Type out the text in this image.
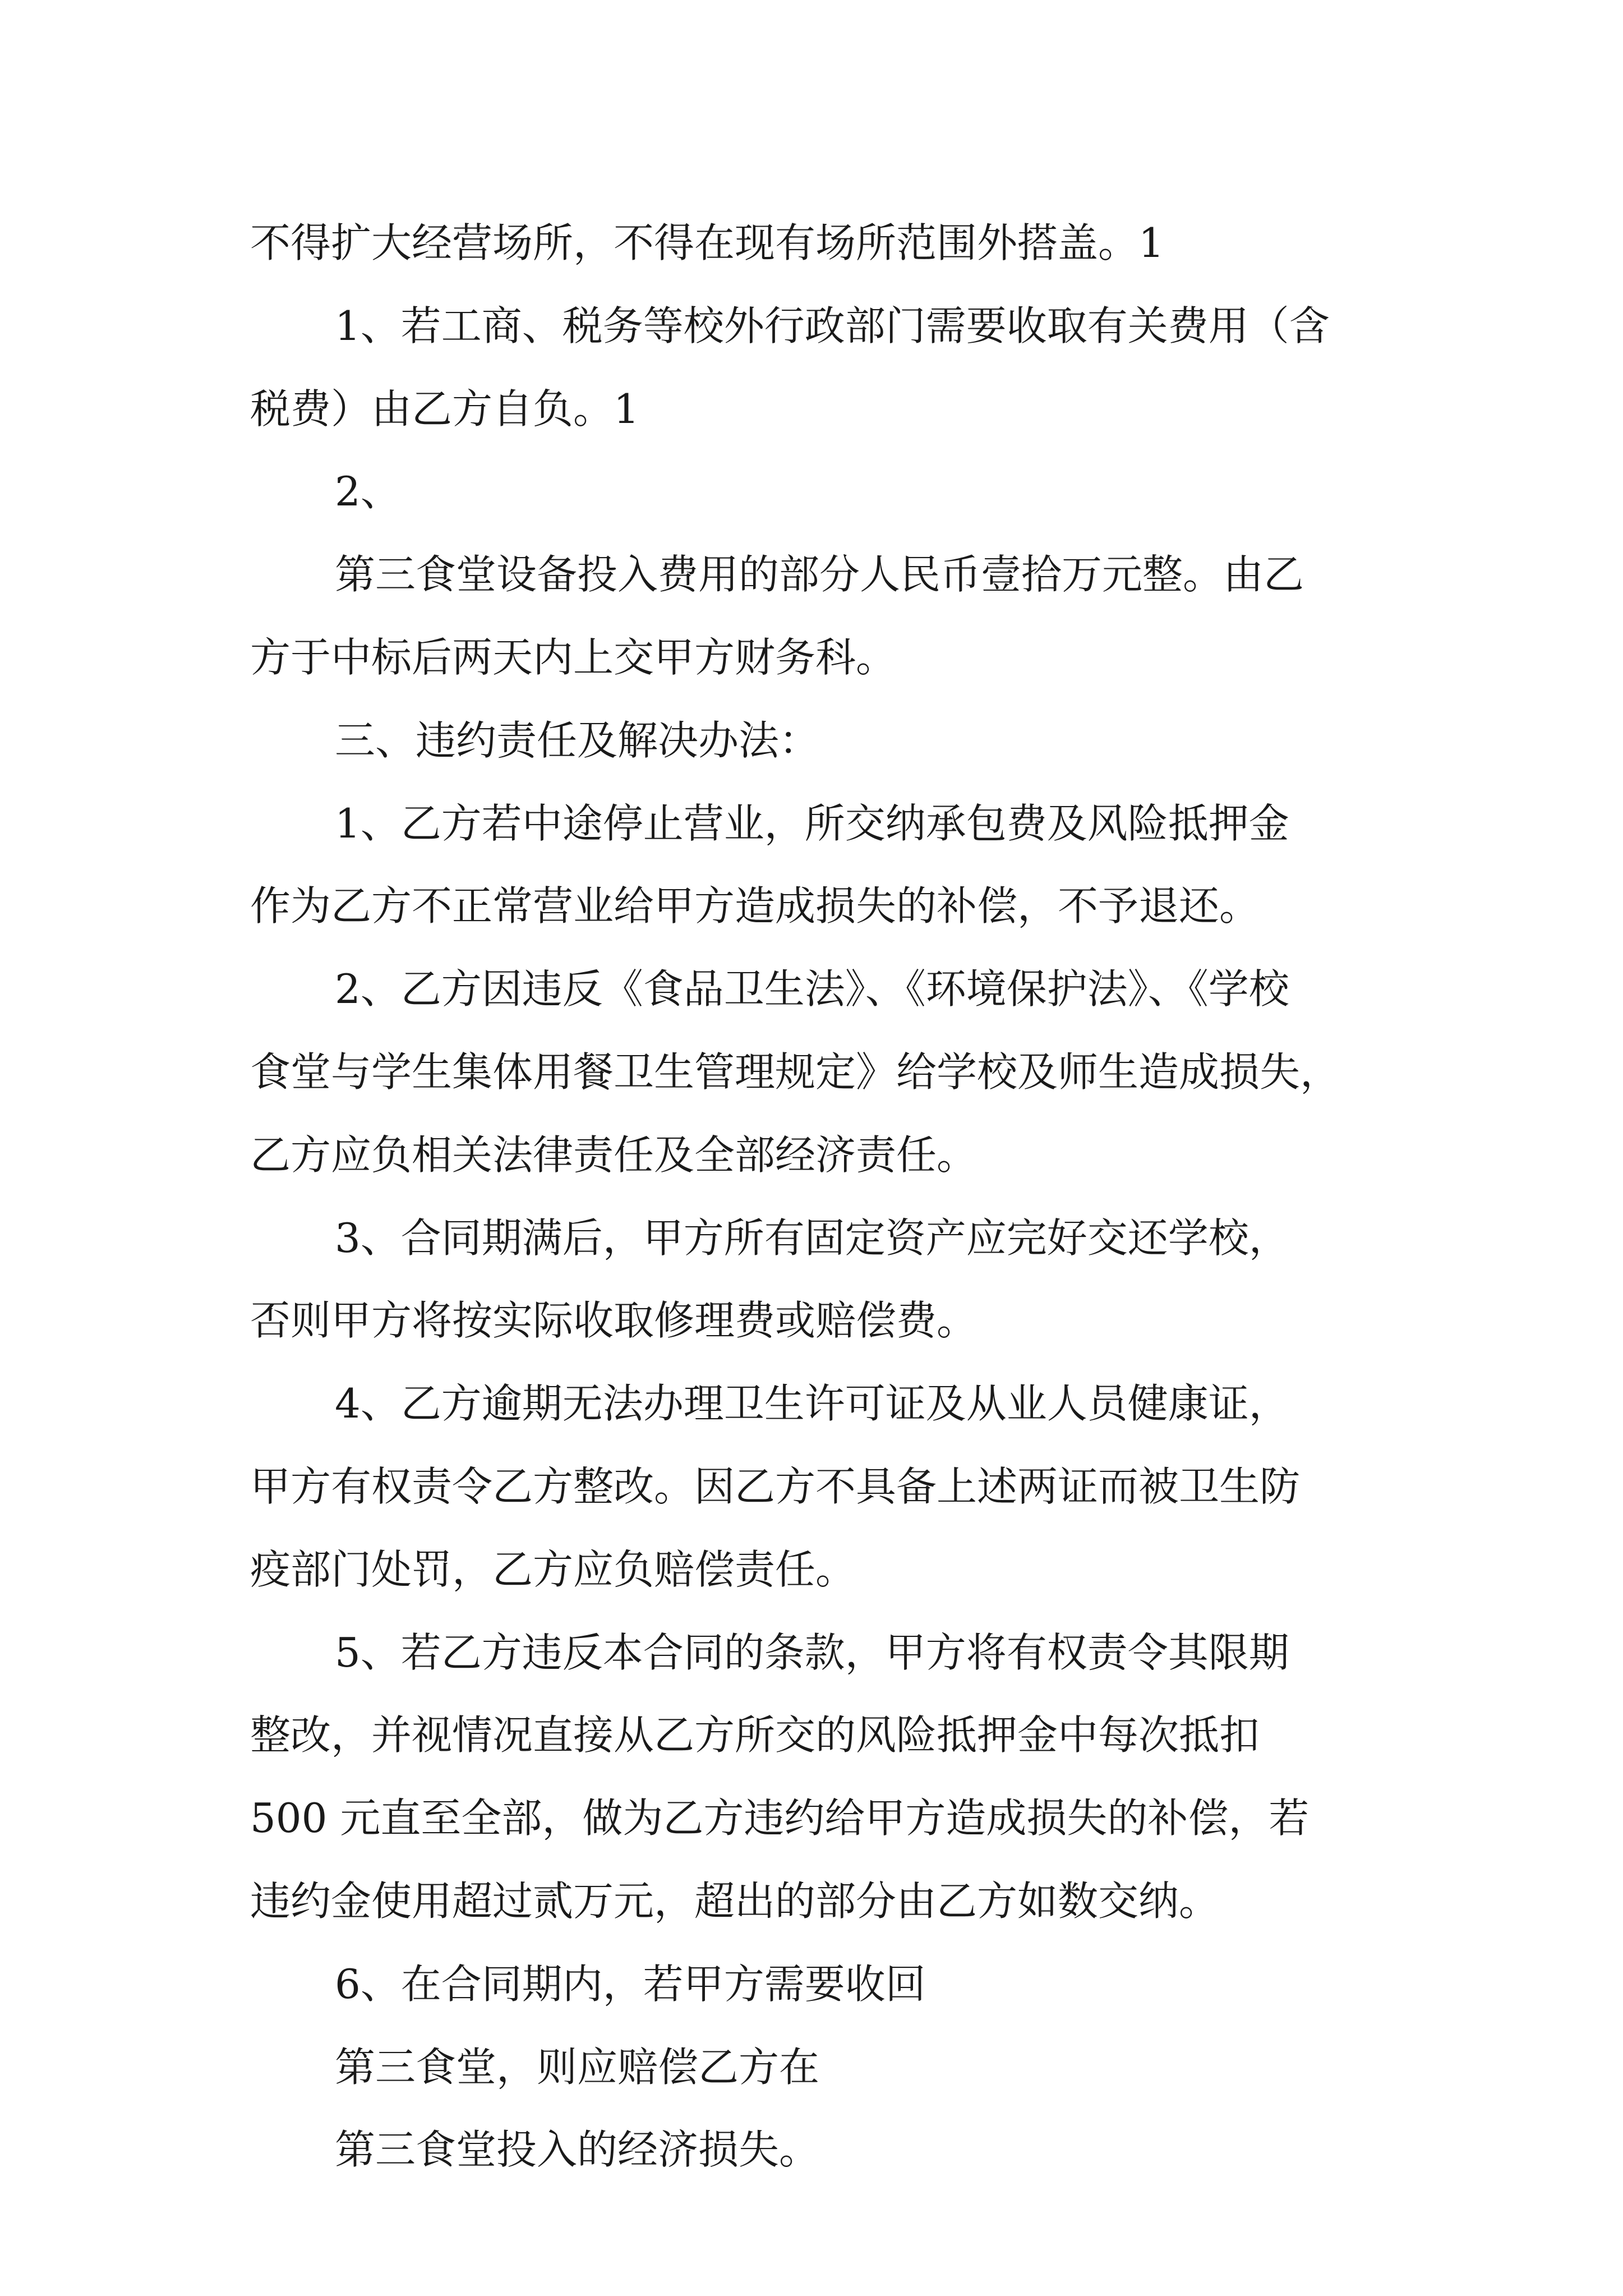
不得扩大经营场所，不得在现有场所范围外搭盖。1
1、若工商、税务等校外行政部门需要收取有关费用（含
税费）由乙方自负。1
2、
第三食堂设备投入费用的部分人民币壹拾万元整。由乙
方于中标后两天内上交甲方财务科。
三、违约责任及解决办法：
1、乙方若中途停止营业，所交纳承包费及风险抵押金
作为乙方不正常营业给甲方造成损失的补偿，不予退还。
2、乙方因违反《食品卫生法》、《环境保护法》、《学校
食堂与学生集体用餐卫生管理规定》给学校及师生造成损失，
乙方应负相关法律责任及全部经济责任。
3、合同期满后，甲方所有固定资产应完好交还学校，
否则甲方将按实际收取修理费或赔偿费。
4、乙方逾期无法办理卫生许可证及从业人员健康证，
甲方有权责令乙方整改。因乙方不具备上述两证而被卫生防
疫部门处罚，乙方应负赔偿责任。
5、若乙方违反本合同的条款，甲方将有权责令其限期
整改，并视情况直接从乙方所交的风险抵押金中每次抵扣
500 元直至全部，做为乙方违约给甲方造成损失的补偿，若
违约金使用超过贰万元，超出的部分由乙方如数交纳。
6、在合同期内，若甲方需要收回
第三食堂，则应赔偿乙方在
第三食堂投入的经济损失。
